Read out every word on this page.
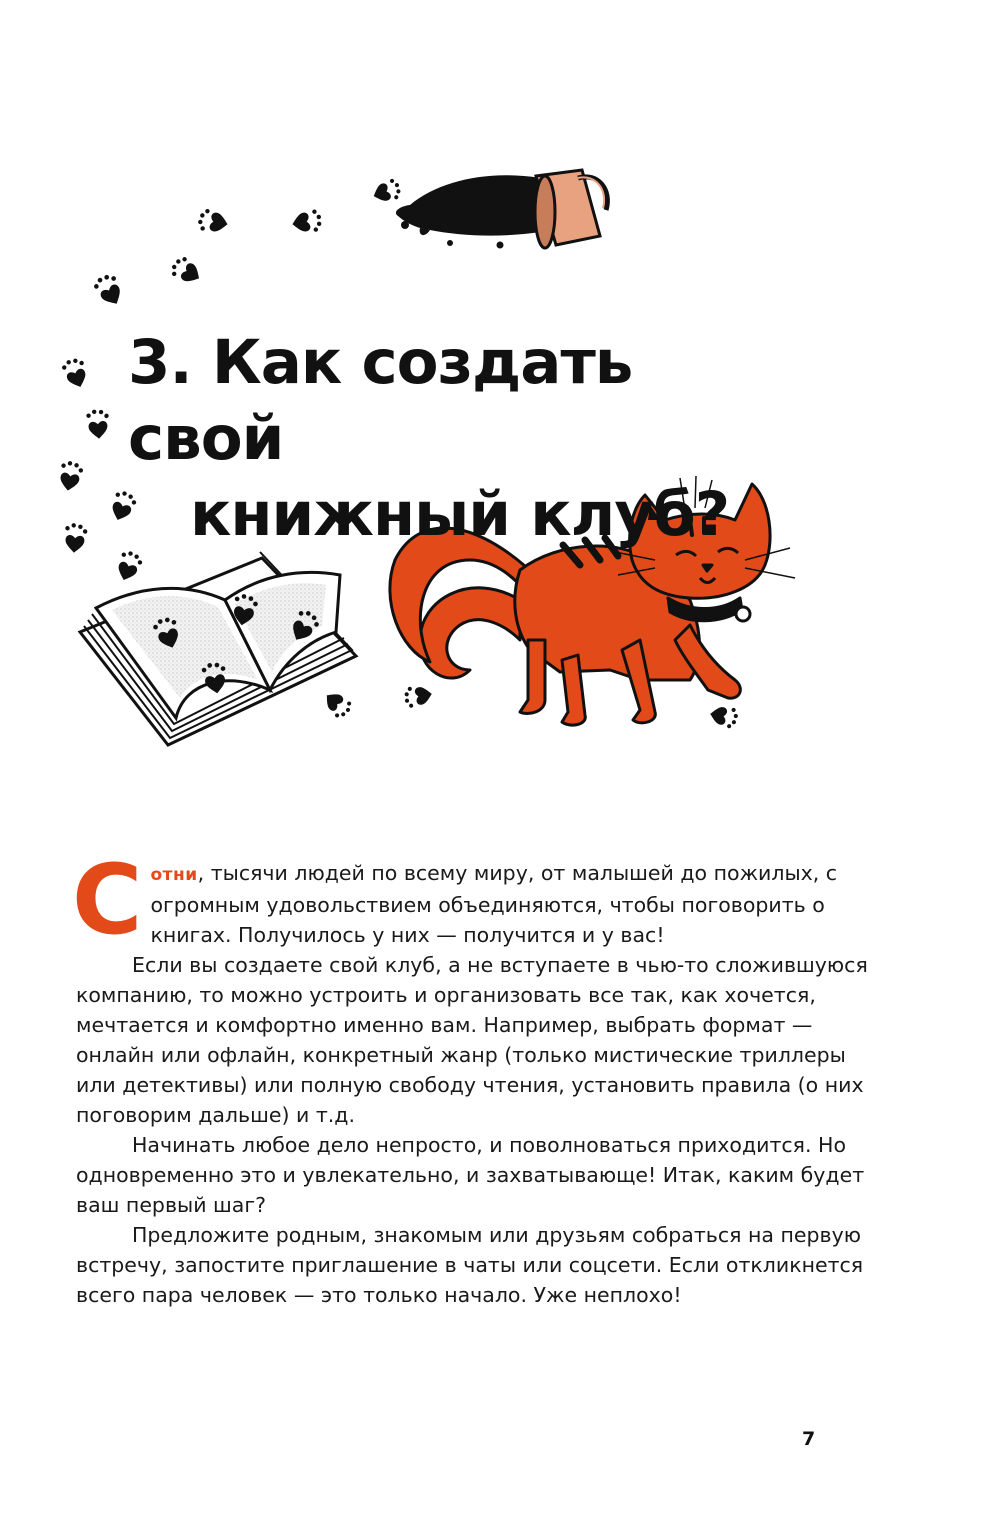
3. Как создать свой
книжный клуб?

Сотни, тысячи людей по всему миру, от малышей до пожилых, с огромным удовольствием объединяются, чтобы поговорить о книгах. Получилось у них — получится и у вас!

Если вы создаете свой клуб, а не вступаете в чью-то сложившуюся компанию, то можно устроить и организовать все так, как хочется, мечтается и комфортно именно вам. Например, выбрать формат — онлайн или офлайн, конкретный жанр (только мистические триллеры или детективы) или полную свободу чтения, установить правила (о них поговорим дальше) и т.д.

Начинать любое дело непросто, и поволноваться приходится. Но одновременно это и увлекательно, и захватывающе! Итак, каким будет ваш первый шаг?

Предложите родным, знакомым или друзьям собраться на первую встречу, запостите приглашение в чаты или соцсети. Если откликнется всего пара человек — это только начало. Уже неплохо!

7
